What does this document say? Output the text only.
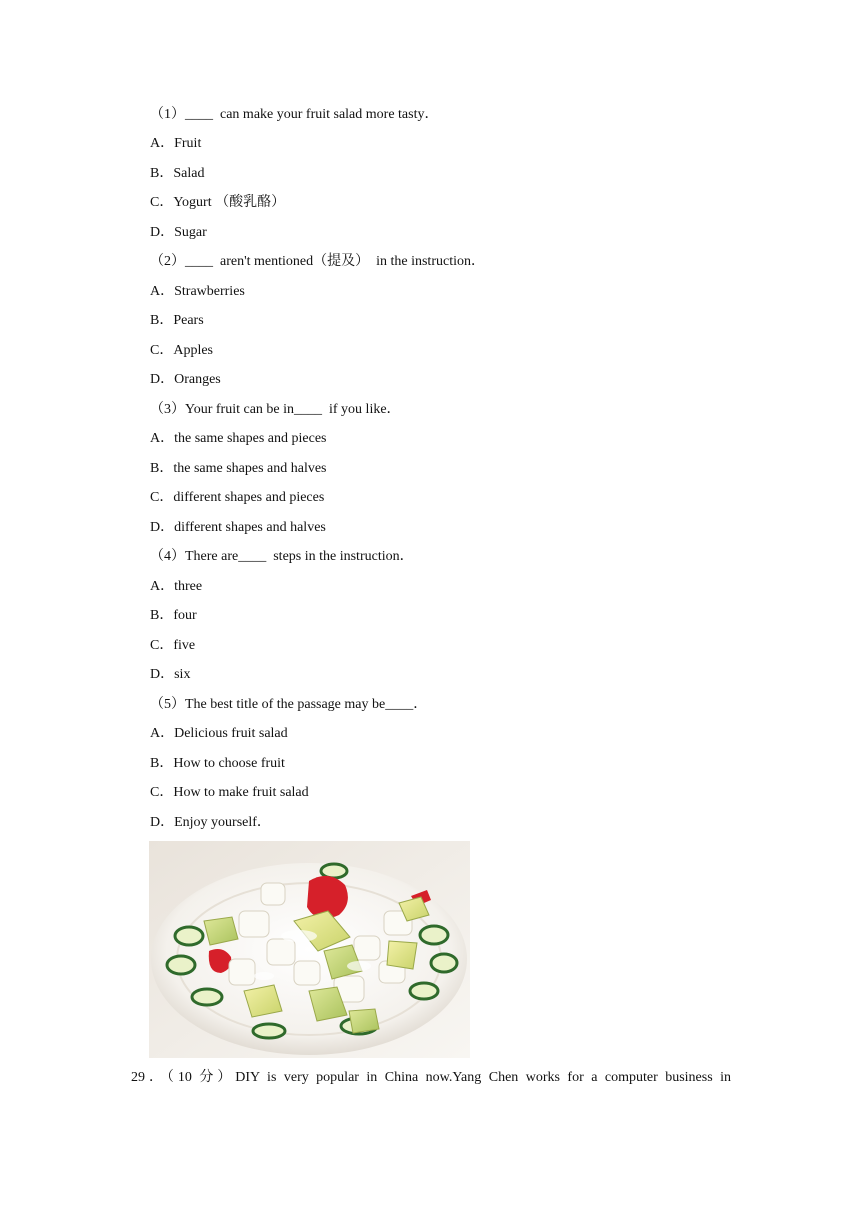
（1）____  can make your fruit salad more tasty．
A．Fruit
B．Salad
C．Yogurt （酸乳酪）
D．Sugar
（2）____  aren't mentioned（提及）  in the instruction．
A．Strawberries
B．Pears
C．Apples
D．Oranges
（3）Your fruit can be in____  if you like．
A．the same shapes and pieces
B．the same shapes and halves
C．different shapes and pieces
D．different shapes and halves
（4）There are____  steps in the instruction．
A．three
B．four
C．five
D．six
（5）The best title of the passage may be____．
A．Delicious fruit salad
B．How to choose fruit
C．How to make fruit salad
D．Enjoy yourself．
29．（10 分）DIY is very popular in China now.Yang Chen works for a computer business in
